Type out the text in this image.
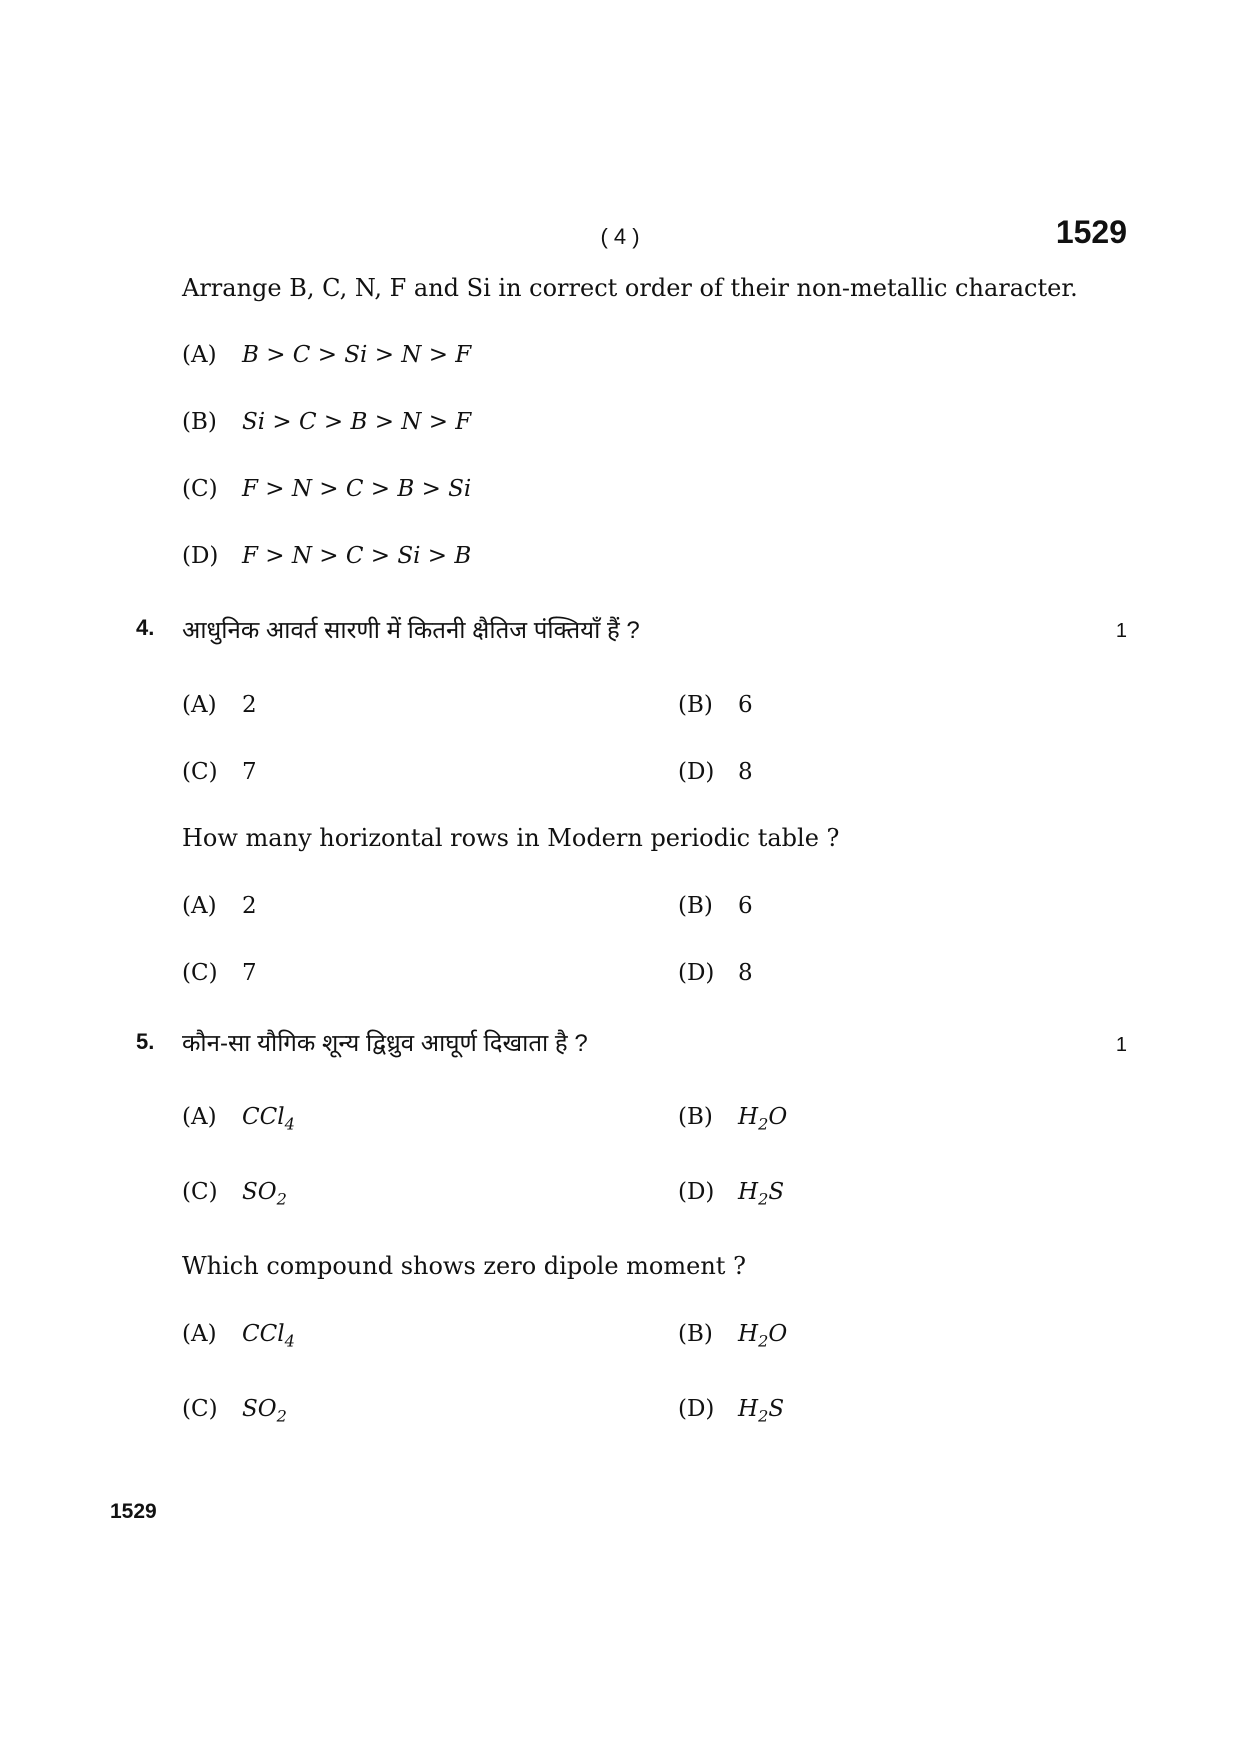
( 4 )	1529
Arrange B, C, N, F and Si in correct order of their non-metallic character.
(A) B > C > Si > N > F
(B) Si > C > B > N > F
(C) F > N > C > B > Si
(D) F > N > C > Si > B
4. आधुनिक आवर्त सारणी में कितनी क्षैतिज पंक्तियाँ हैं ?	1
(A) 2	(B) 6
(C) 7	(D) 8
How many horizontal rows in Modern periodic table ?
(A) 2	(B) 6
(C) 7	(D) 8
5. कौन-सा यौगिक शून्य द्विध्रुव आघूर्ण दिखाता है ?	1
(A) CCl$_4$	(B) $H_2O$
(C) $SO_2$	(D) $H_2S$
Which compound shows zero dipole moment ?
(A) CCl$_4$	(B) $H_2O$
(C) $SO_2$	(D) $H_2S$
1529
